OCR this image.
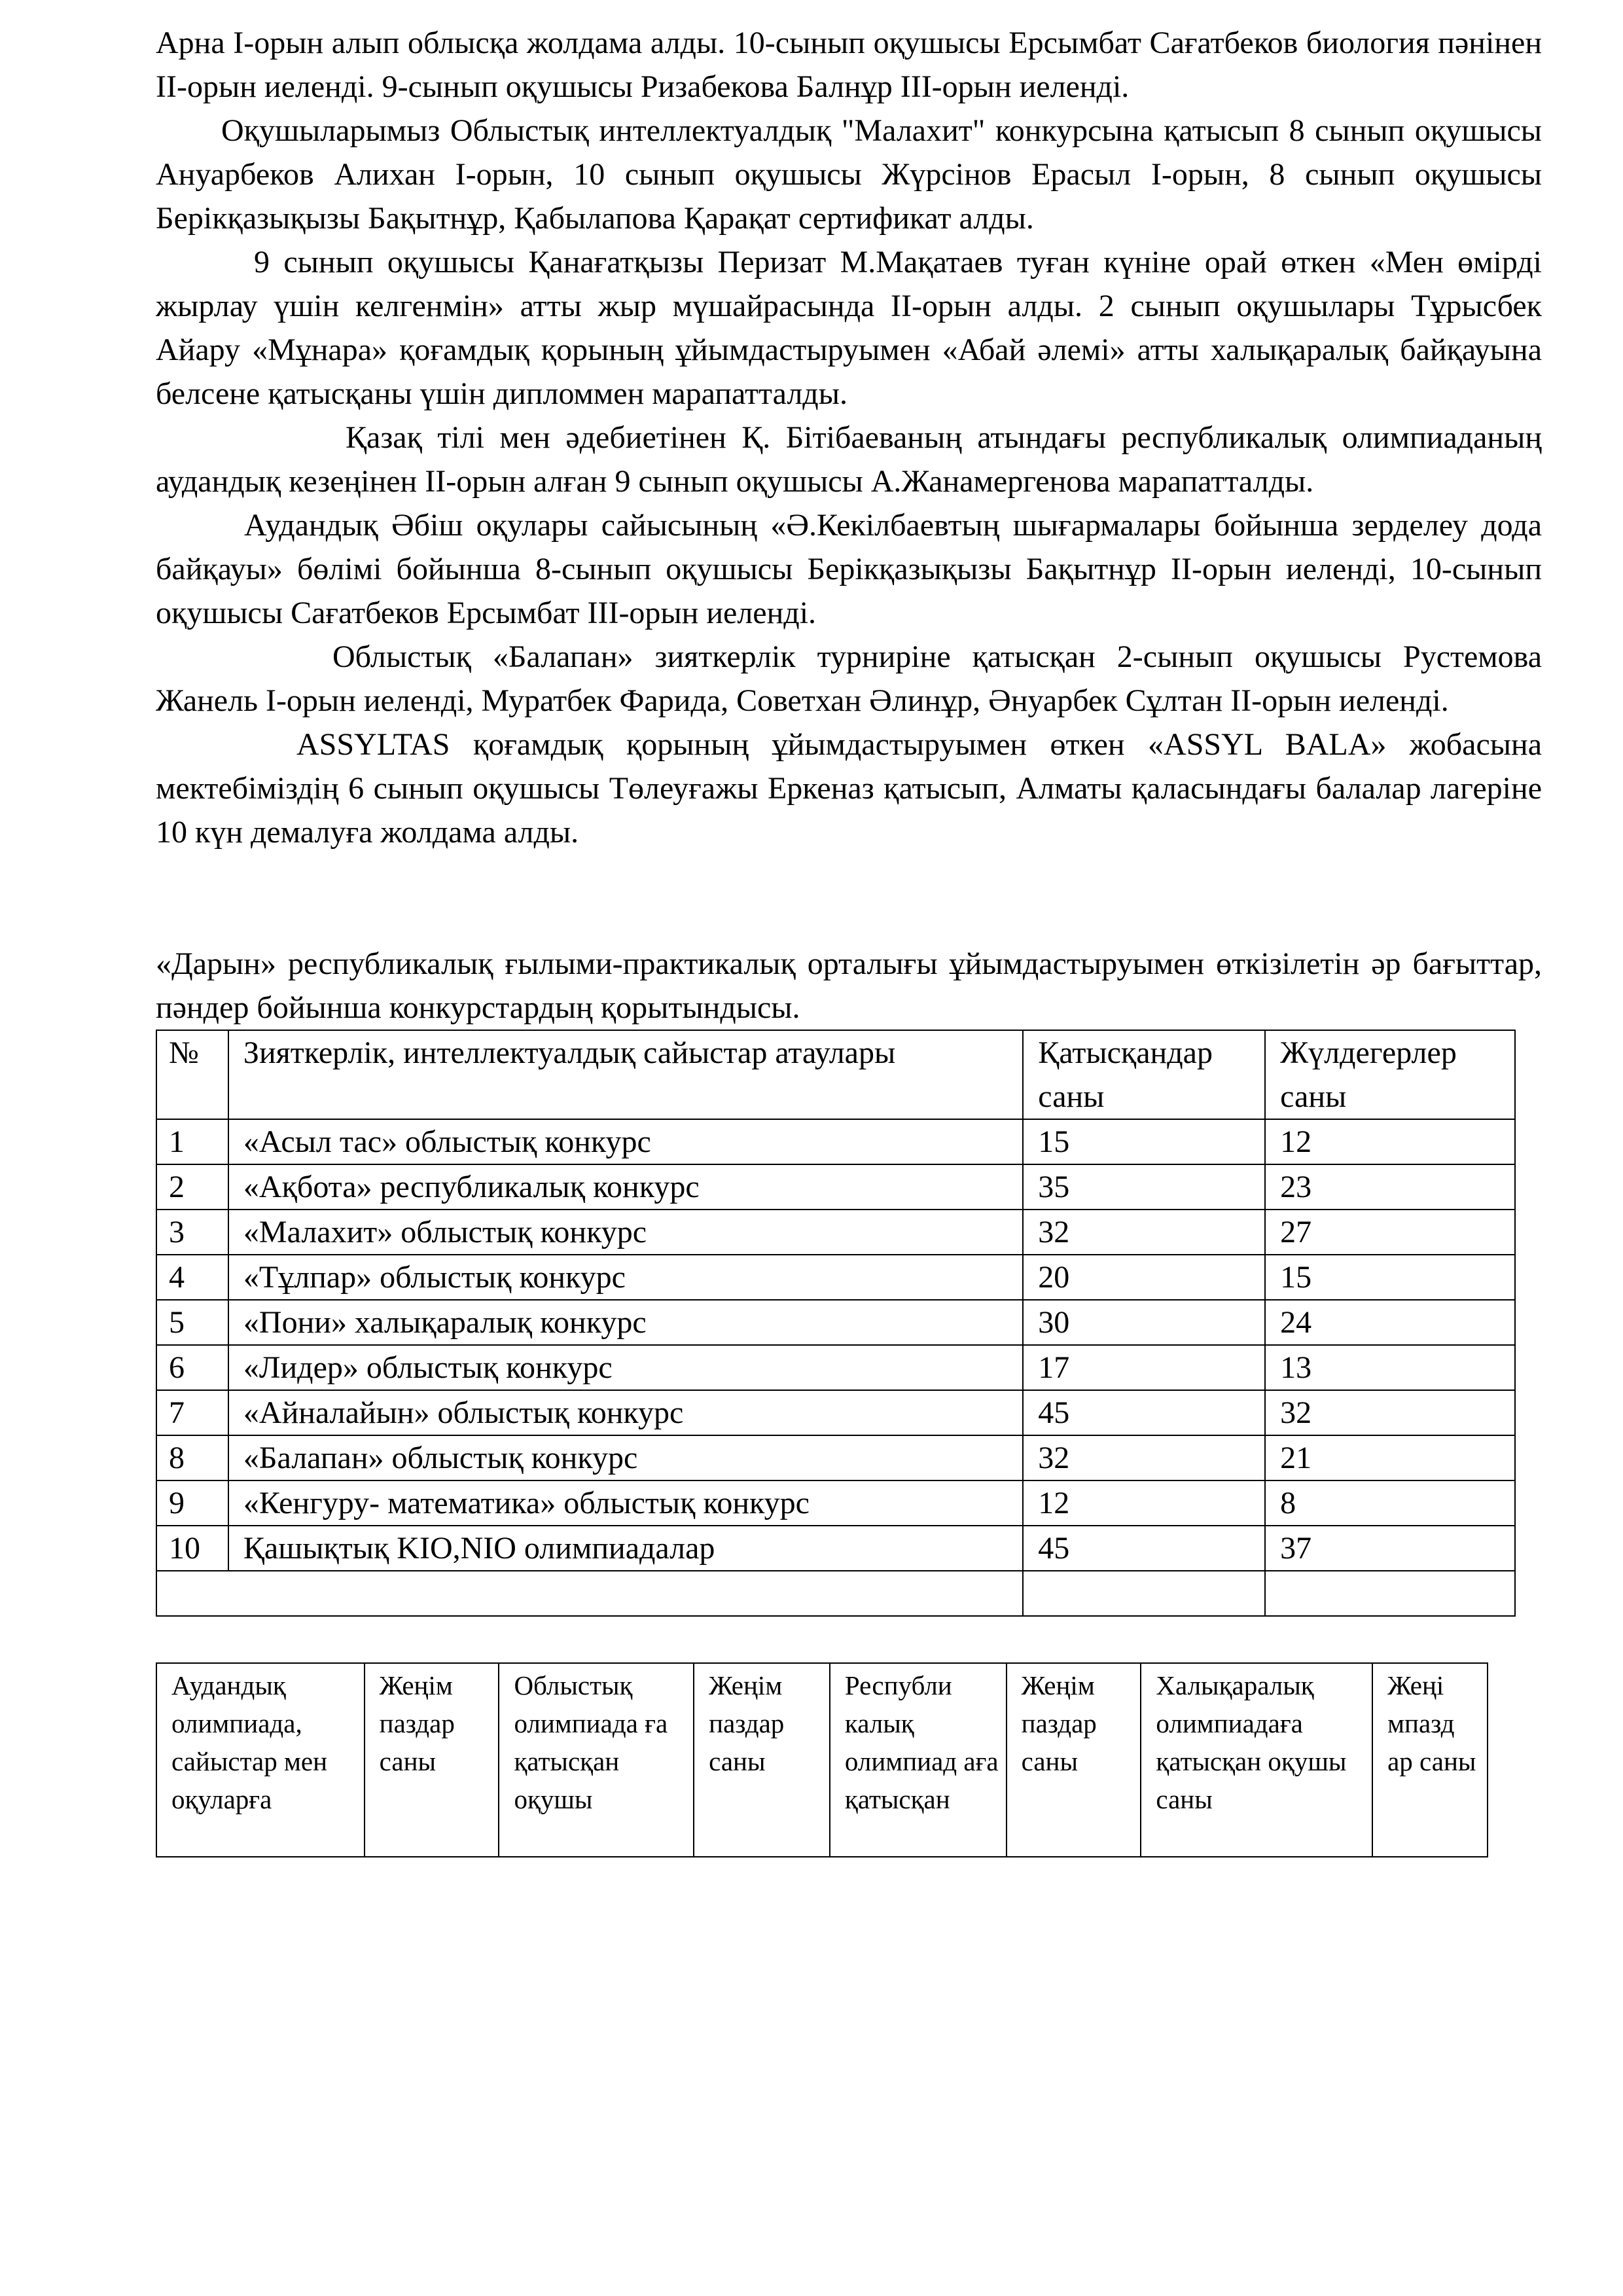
Арна І-орын алып облысқа жолдама алды. 10-сынып оқушысы Ерсымбат Сағатбеков биология пәнінен ІІ-орын иеленді. 9-сынып оқушысы Ризабекова Балнұр ІІІ-орын иеленді.

Оқушыларымыз Облыстық интеллектуалдық "Малахит" конкурсына қатысып 8 сынып оқушысы Ануарбеков Алихан І-орын, 10 сынып оқушысы Жүрсінов Ерасыл І-орын, 8 сынып оқушысы Берікқазықызы Бақытнұр, Қабылапова Қарақат сертификат алды.

9 сынып оқушысы Қанағатқызы Перизат М.Мақатаев туған күніне орай өткен «Мен өмірді жырлау үшін келгенмін» атты жыр мүшайрасында ІІ-орын алды. 2 сынып оқушылары Тұрысбек Айару «Мұнара» қоғамдық қорының ұйымдастыруымен «Абай әлемі» атты халықаралық байқауына белсене қатысқаны үшін дипломмен марапатталды.

Қазақ тілі мен әдебиетінен Қ. Бітібаеваның атындағы республикалық олимпиаданың аудандық кезеңінен ІІ-орын алған 9 сынып оқушысы А.Жанамергенова марапатталды.

Аудандық Әбіш оқулары сайысының «Ә.Кекілбаевтың шығармалары бойынша зерделеу дода байқауы» бөлімі бойынша 8-сынып оқушысы Берікқазықызы Бақытнұр ІІ-орын иеленді, 10-сынып оқушысы Сағатбеков Ерсымбат ІІІ-орын иеленді.

Облыстық «Балапан» зияткерлік турниріне қатысқан 2-сынып оқушысы Рустемова Жанель І-орын иеленді, Муратбек Фарида, Советхан Әлинұр, Әнуарбек Сұлтан ІІ-орын иеленді.

ASSYLTAS қоғамдық қорының ұйымдастыруымен өткен «ASSYL BALA» жобасына мектебіміздің 6 сынып оқушысы Төлеуғажы Еркеназ қатысып, Алматы қаласындағы балалар лагеріне 10 күн демалуға жолдама алды.

«Дарын» республикалық ғылыми-практикалық орталығы ұйымдастыруымен өткізілетін әр бағыттар, пәндер бойынша конкурстардың қорытындысы.

№	Зияткерлік, интеллектуалдық сайыстар атаулары	Қатысқандар саны	Жүлдегерлер саны
1	«Асыл тас» облыстық конкурс	15	12
2	«Ақбота» республикалық конкурс	35	23
3	«Малахит» облыстық конкурс	32	27
4	«Тұлпар» облыстық конкурс	20	15
5	«Пони» халықаралық конкурс	30	24
6	«Лидер» облыстық конкурс	17	13
7	«Айналайын» облыстық конкурс	45	32
8	«Балапан» облыстық конкурс	32	21
9	«Кенгуру- математика» облыстық конкурс	12	8
10	Қашықтық KIO,NIO олимпиадалар	45	37

Аудандық олимпиада, сайыстар мен оқуларға	Жеңім паздар саны	Облыстық олимпиада ға қатысқан оқушы	Жеңім паздар саны	Республи калық олимпиад аға қатысқан	Жеңім паздар саны	Халықаралық олимпиадаға қатысқан оқушы саны	Жеңі мпазд ар саны
